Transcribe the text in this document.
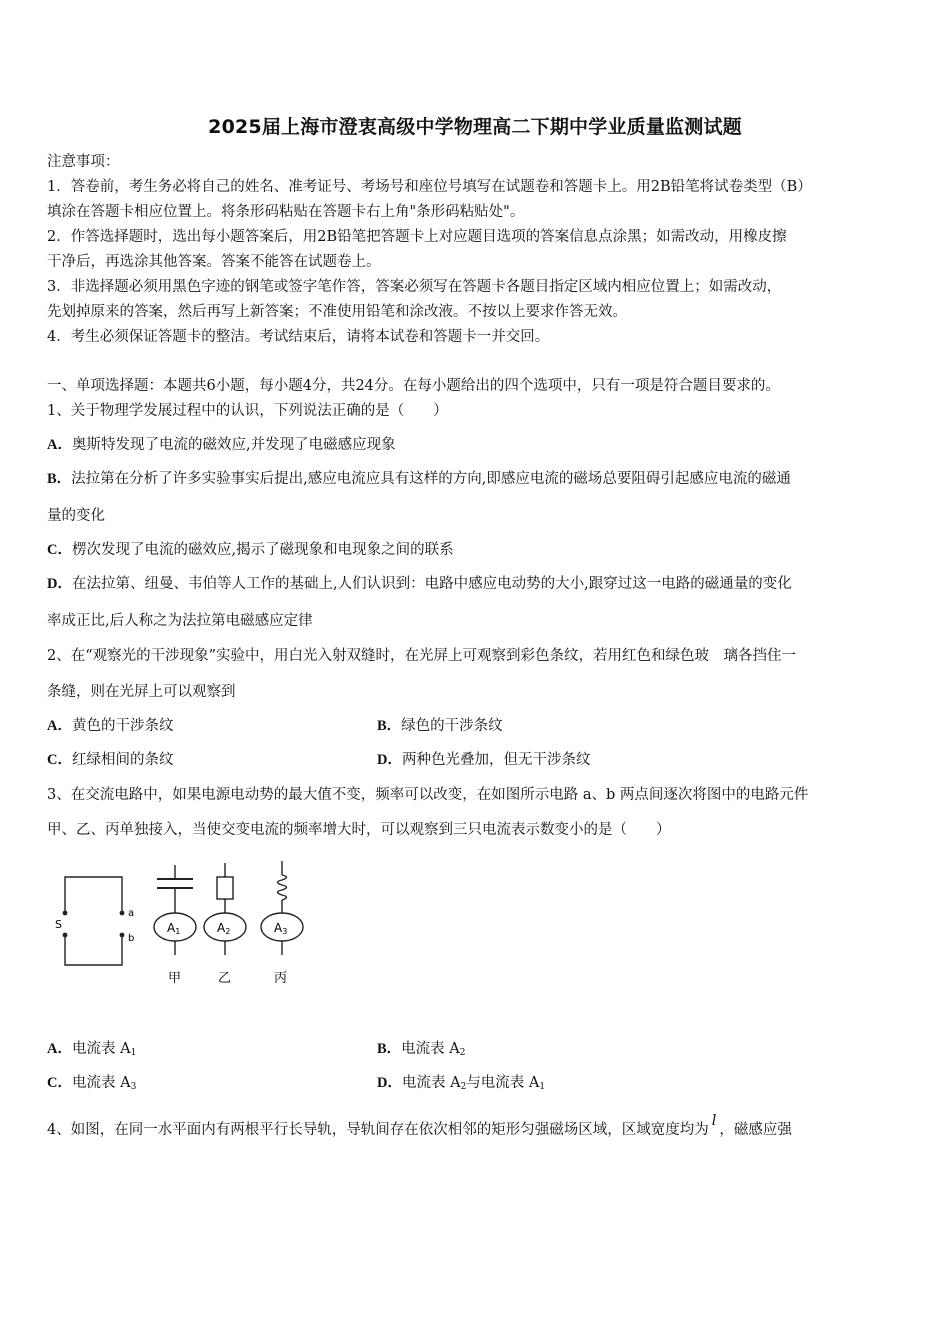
2025届上海市澄衷高级中学物理高二下期中学业质量监测试题
注意事项：
1．答卷前，考生务必将自己的姓名、准考证号、考场号和座位号填写在试题卷和答题卡上。用2B铅笔将试卷类型（B）
填涂在答题卡相应位置上。将条形码粘贴在答题卡右上角"条形码粘贴处"。
2．作答选择题时，选出每小题答案后，用2B铅笔把答题卡上对应题目选项的答案信息点涂黑；如需改动，用橡皮擦
干净后，再选涂其他答案。答案不能答在试题卷上。
3．非选择题必须用黑色字迹的钢笔或签字笔作答，答案必须写在答题卡各题目指定区域内相应位置上；如需改动，
先划掉原来的答案，然后再写上新答案；不准使用铅笔和涂改液。不按以上要求作答无效。
4．考生必须保证答题卡的整洁。考试结束后，请将本试卷和答题卡一并交回。
一、单项选择题：本题共6小题，每小题4分，共24分。在每小题给出的四个选项中，只有一项是符合题目要求的。
1、关于物理学发展过程中的认识，下列说法正确的是（　　）
A．奥斯特发现了电流的磁效应,并发现了电磁感应现象
B．法拉第在分析了许多实验事实后提出,感应电流应具有这样的方向,即感应电流的磁场总要阻碍引起感应电流的磁通
量的变化
C．楞次发现了电流的磁效应,揭示了磁现象和电现象之间的联系
D．在法拉第、纽曼、韦伯等人工作的基础上,人们认识到：电路中感应电动势的大小,跟穿过这一电路的磁通量的变化
率成正比,后人称之为法拉第电磁感应定律
2、在“观察光的干涉现象”实验中，用白光入射双缝时，在光屏上可观察到彩色条纹，若用红色和绿色玻　璃各挡住一
条缝，则在光屏上可以观察到
A．黄色的干涉条纹	B．绿色的干涉条纹
C．红绿相间的条纹	D．两种色光叠加，但无干涉条纹
3、在交流电路中，如果电源电动势的最大值不变，频率可以改变，在如图所示电路 a、b 两点间逐次将图中的电路元件
甲、乙、丙单独接入，当使交变电流的频率增大时，可以观察到三只电流表示数变小的是（　　）
S
a
b
A1	A2	A3
甲	乙	丙
A．电流表 $A_1$	B．电流表 $A_2$
C．电流表 $A_3$	D．电流表 $A_2$与电流表 $A_1$
4、如图，在同一水平面内有两根平行长导轨，导轨间存在依次相邻的矩形匀强磁场区域，区域宽度均为l，磁感应强
